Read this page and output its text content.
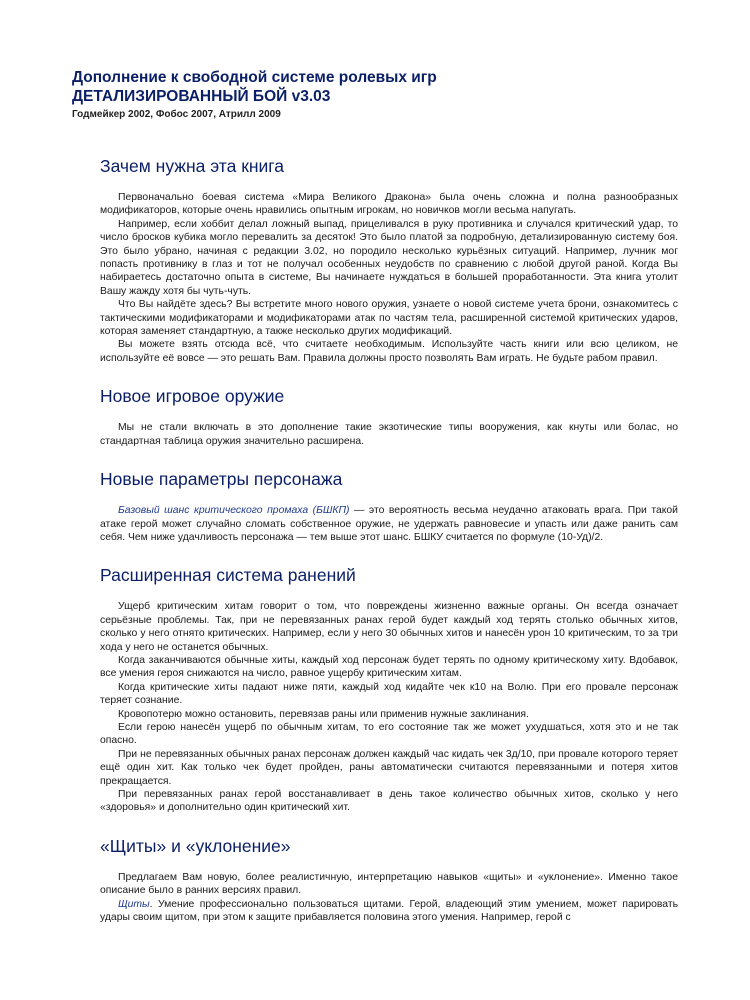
Дополнение к свободной системе ролевых игр

ДЕТАЛИЗИРОВАННЫЙ БОЙ v3.03

Годмейкер 2002, Фобос 2007, Атрилл 2009
Зачем нужна эта книга

Первоначально боевая система «Мира Великого Дракона» была очень сложна и полна разнообразных модификаторов, которые очень нравились опытным игрокам, но новичков могли весьма напугать.

Например, если хоббит делал ложный выпад, прицеливался в руку противника и случался критический удар, то число бросков кубика могло перевалить за десяток! Это было платой за подробную, детализированную систему боя. Это было убрано, начиная с редакции 3.02, но породило несколько курьёзных ситуаций. Например, лучник мог попасть противнику в глаз и тот не получал особенных неудобств по сравнению с любой другой раной. Когда Вы набираетесь достаточно опыта в системе, Вы начинаете нуждаться в большей проработанности. Эта книга утолит Вашу жажду хотя бы чуть-чуть.

Что Вы найдёте здесь? Вы встретите много нового оружия, узнаете о новой системе учета брони, ознакомитесь с тактическими модификаторами и модификаторами атак по частям тела, расширенной системой критических ударов, которая заменяет стандартную, а также несколько других модификаций.

Вы можете взять отсюда всё, что считаете необходимым. Используйте часть книги или всю целиком, не используйте её вовсе — это решать Вам. Правила должны просто позволять Вам играть. Не будьте рабом правил.

Новое игровое оружие

Мы не стали включать в это дополнение такие экзотические типы вооружения, как кнуты или болас, но стандартная таблица оружия значительно расширена.

Новые параметры персонажа

Базовый шанс критического промаха (БШКП) — это вероятность весьма неудачно атаковать врага. При такой атаке герой может случайно сломать собственное оружие, не удержать равновесие и упасть или даже ранить сам себя. Чем ниже удачливость персонажа — тем выше этот шанс. БШКУ считается по формуле (10-Уд)/2.

Расширенная система ранений

Ущерб критическим хитам говорит о том, что повреждены жизненно важные органы. Он всегда означает серьёзные проблемы. Так, при не перевязанных ранах герой будет каждый ход терять столько обычных хитов, сколько у него отнято критических. Например, если у него 30 обычных хитов и нанесён урон 10 критическим, то за три хода у него не останется обычных.

Когда заканчиваются обычные хиты, каждый ход персонаж будет терять по одному критическому хиту. Вдобавок, все умения героя снижаются на число, равное ущербу критическим хитам.

Когда критические хиты падают ниже пяти, каждый ход кидайте чек к10 на Волю. При его провале персонаж теряет сознание.

Кровопотерю можно остановить, перевязав раны или применив нужные заклинания.

Если герою нанесён ущерб по обычным хитам, то его состояние так же может ухудшаться, хотя это и не так опасно.

При не перевязанных обычных ранах персонаж должен каждый час кидать чек 3д/10, при провале которого теряет ещё один хит. Как только чек будет пройден, раны автоматически считаются перевязанными и потеря хитов прекращается.

При перевязанных ранах герой восстанавливает в день такое количество обычных хитов, сколько у него «здоровья» и дополнительно один критический хит.

«Щиты» и «уклонение»

Предлагаем Вам новую, более реалистичную, интерпретацию навыков «щиты» и «уклонение». Именно такое описание было в ранних версиях правил.

Щиты. Умение профессионально пользоваться щитами. Герой, владеющий этим умением, может парировать удары своим щитом, при этом к защите прибавляется половина этого умения. Например, герой с
